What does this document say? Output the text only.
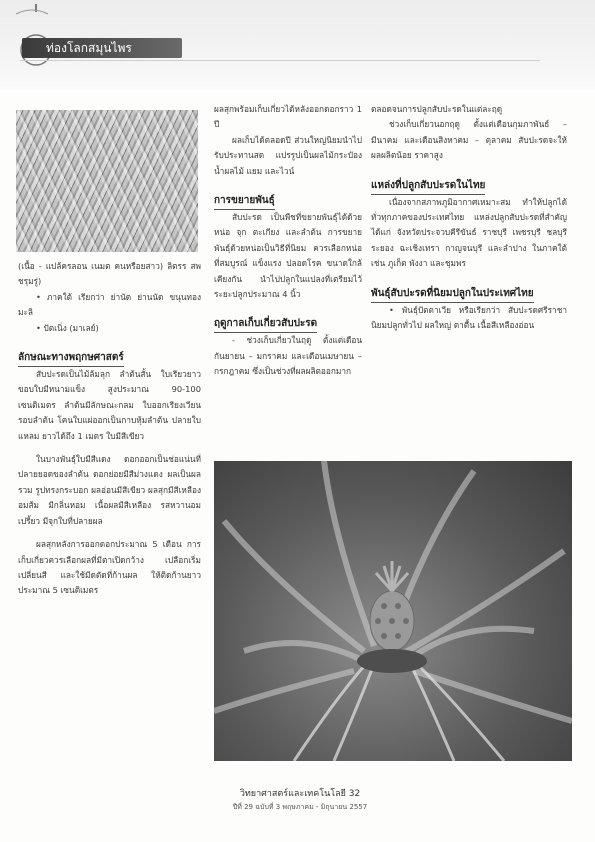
ท่องโลกสมุนไพร

(เนื้อ - แปล้ครลอน เนมต คนหรือยสาว) ลิตรร สพชรุมรู่)

• ภาคใต้ เรียกว่า ย่านัด ย่านนัด ขนุนทอง มะลิ

• ปัตเนิ่ง (มาเลย์)

ลักษณะทางพฤกษศาสตร์

สับปะรดเป็นไม้ล้มลุก ลำต้นสั้น ใบเรียวยาว ขอบใบมีหนามแข็ง สูงประมาณ 90-100 เซนติเมตร ลำต้นมีลักษณะกลม ใบออกเรียงเวียนรอบลำต้น โคนใบแผ่ออกเป็นกาบหุ้มลำต้น ปลายใบแหลม ยาวได้ถึง 1 เมตร ใบมีสีเขียว

ในบางพันธุ์ใบมีสีแดง ดอกออกเป็นช่อแน่นที่ปลายยอดของลำต้น ดอกย่อยมีสีม่วงแดง ผลเป็นผลรวม รูปทรงกระบอก ผลอ่อนมีสีเขียว ผลสุกมีสีเหลืองอมส้ม มีกลิ่นหอม เนื้อผลมีสีเหลือง รสหวานอมเปรี้ยว มีจุกใบที่ปลายผล

ผลสุกหลังการออกดอกประมาณ 5 เดือน การเก็บเกี่ยวควรเลือกผลที่มีตาเปิดกว้าง เปลือกเริ่มเปลี่ยนสี และใช้มีดตัดที่ก้านผล ให้ติดก้านยาวประมาณ 5 เซนติเมตร

ผลสุกพร้อมเก็บเกี่ยวได้หลังออกดอกราว 1 ปี

ผลเก็บได้ตลอดปี ส่วนใหญ่นิยมนำไปรับประทานสด แปรรูปเป็นผลไม้กระป๋อง น้ำผลไม้ แยม และไวน์

การขยายพันธุ์

สับปะรด เป็นพืชที่ขยายพันธุ์ได้ด้วยหน่อ จุก ตะเกียง และลำต้น การขยายพันธุ์ด้วยหน่อเป็นวิธีที่นิยม ควรเลือกหน่อที่สมบูรณ์ แข็งแรง ปลอดโรค ขนาดใกล้เคียงกัน นำไปปลูกในแปลงที่เตรียมไว้ ระยะปลูกประมาณ 4 นิ้ว

ฤดูกาลเก็บเกี่ยวสับปะรด

- ช่วงเก็บเกี่ยวในฤดู ตั้งแต่เดือนกันยายน – มกราคม และเดือนเมษายน – กรกฎาคม ซึ่งเป็นช่วงที่ผลผลิตออกมาก

ตลอดจนการปลูกสับปะรดในแต่ละฤดู

ช่วงเก็บเกี่ยวนอกฤดู ตั้งแต่เดือนกุมภาพันธ์ – มีนาคม และเดือนสิงหาคม – ตุลาคม สับปะรดจะให้ผลผลิตน้อย ราคาสูง

แหล่งที่ปลูกสับปะรดในไทย

เนื่องจากสภาพภูมิอากาศเหมาะสม ทำให้ปลูกได้ทั่วทุกภาคของประเทศไทย แหล่งปลูกสับปะรดที่สำคัญ ได้แก่ จังหวัดประจวบคีรีขันธ์ ราชบุรี เพชรบุรี ชลบุรี ระยอง ฉะเชิงเทรา กาญจนบุรี และลำปาง ในภาคใต้ เช่น ภูเก็ต พังงา และชุมพร

พันธุ์สับปะรดที่นิยมปลูกในประเทศไทย

• พันธุ์ปัตตาเวีย หรือเรียกว่า สับปะรดศรีราชา นิยมปลูกทั่วไป ผลใหญ่ ตาตื้น เนื้อสีเหลืองอ่อน

วิทยาศาสตร์และเทคโนโลยี 32
ปีที่ 29 ฉบับที่ 3 พฤษภาคม - มิถุนายน 2557
